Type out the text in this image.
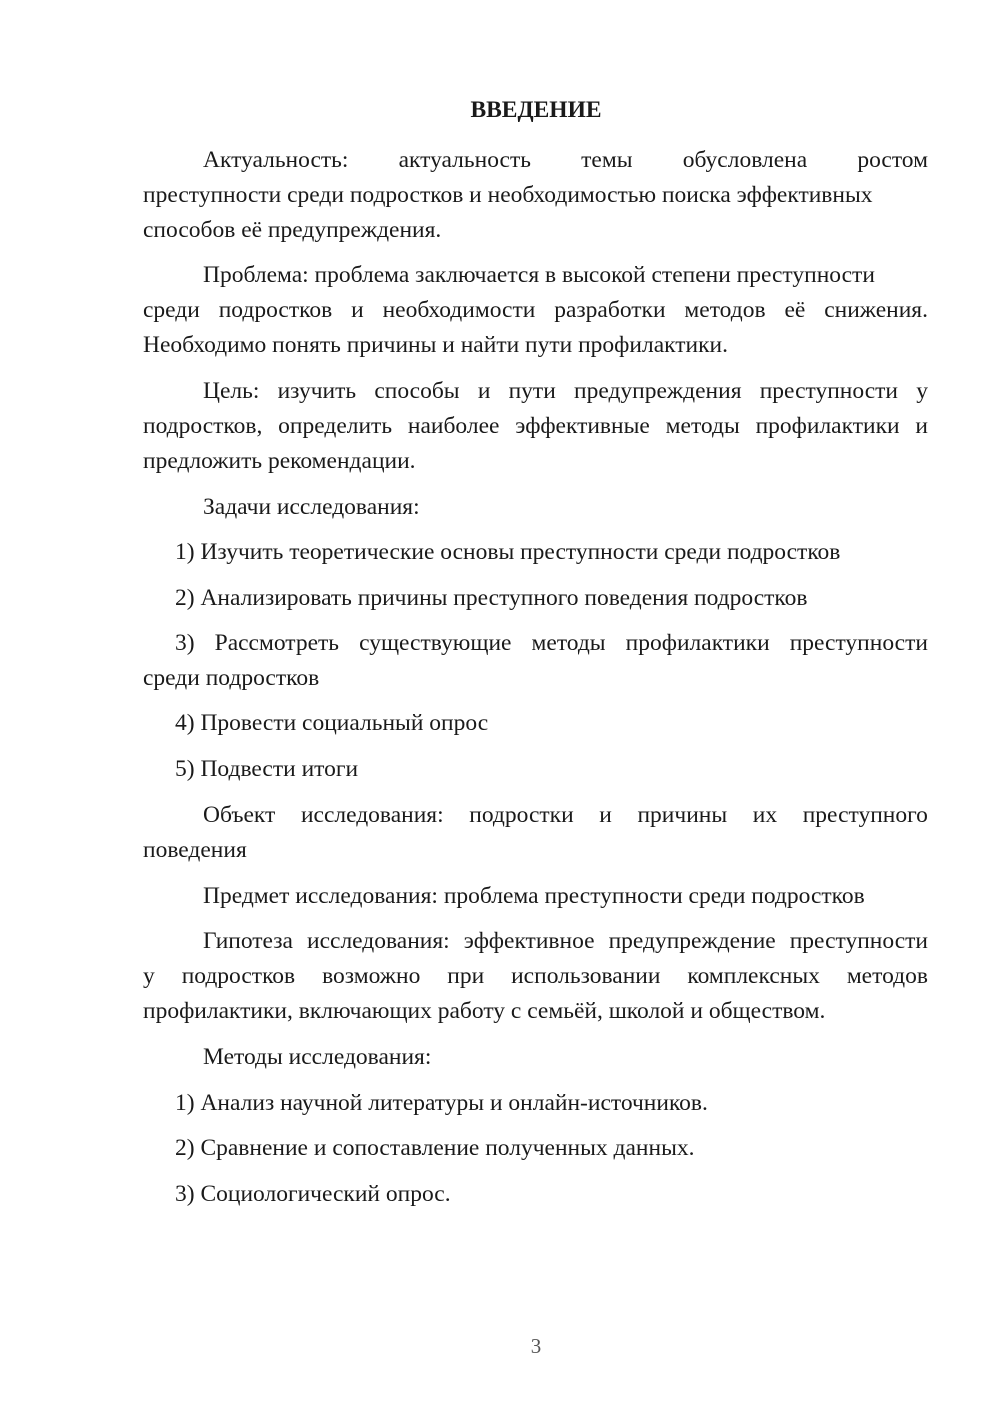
ВВЕДЕНИЕ
Актуальность: актуальность темы обусловлена ростом
преступности среди подростков и необходимостью поиска эффективных
способов её предупреждения.
Проблема: проблема заключается в высокой степени преступности
среди подростков и необходимости разработки методов её снижения.
Необходимо понять причины и найти пути профилактики.
Цель: изучить способы и пути предупреждения преступности у
подростков, определить наиболее эффективные методы профилактики и
предложить рекомендации.
Задачи исследования:
1) Изучить теоретические основы преступности среди подростков
2) Анализировать причины преступного поведения подростков
3) Рассмотреть существующие методы профилактики преступности
среди подростков
4) Провести социальный опрос
5) Подвести итоги
Объект исследования: подростки и причины их преступного
поведения
Предмет исследования: проблема преступности среди подростков
Гипотеза исследования: эффективное предупреждение преступности
у подростков возможно при использовании комплексных методов
профилактики, включающих работу с семьёй, школой и обществом.
Методы исследования:
1) Анализ научной литературы и онлайн-источников.
2) Сравнение и сопоставление полученных данных.
3) Социологический опрос.
3
